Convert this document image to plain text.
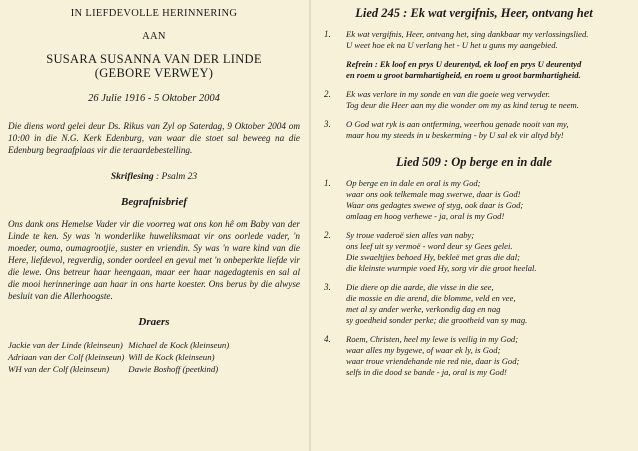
IN LIEFDEVOLLE HERINNERING
AAN
SUSARA SUSANNA VAN DER LINDE
(GEBORE VERWEY)
26 Julie 1916 - 5 Oktober 2004
Die diens word gelei deur Ds. Rikus van Zyl op Saterdag, 9 Oktober 2004 om 10:00 in die N.G. Kerk Edenburg, van waar die stoet sal beweeg na die Edenburg begraafplaas vir die teraardebestelling.
Skriflesing : Psalm 23
Begrafnisbrief
Ons dank ons Hemelse Vader vir die voorreg wat ons kon hê om Baby van der Linde te ken. Sy was 'n wonderlike huweliksmaat vir ons oorlede vader, 'n moeder, ouma, oumagrootjie, suster en vriendin. Sy was 'n ware kind van die Here, liefdevol, regverdig, sonder oordeel en gevul met 'n onbeperkte liefde vir die lewe. Ons betreur haar heengaan, maar eer haar nagedagtenis en sal al die mooi herinneringe aan haar in ons harte koester. Ons berus by die alwyse besluit van die Allerhoogste.
Draers
Jackie van der Linde (kleinseun)	Michael de Kock (kleinseun)
Adriaan van der Colf (kleinseun)	Will de Kock (kleinseun)
WH van der Colf (kleinseun)	Dawie Boshoff (peetkind)
Lied 245 : Ek wat vergifnis, Heer, ontvang het
1.	Ek wat vergifnis, Heer, ontvang het, sing dankbaar my verlossingslied.
U weet hoe ek na U verlang het - U het u guns my aangebied.
Refrein : Ek loof en prys U deurentyd, ek loof en prys U deurentyd
en roem u groot barmhartigheid, en roem u groot barmhartigheid.
2.	Ek was verlore in my sonde en van die goeie weg verwyder.
Tog deur die Heer aan my die wonder om my as kind terug te neem.
3.	O God wat ryk is aan ontferming, weerhou genade nooit van my,
maar hou my steeds in u beskerming - by U sal ek vir altyd bly!
Lied 509 : Op berge en in dale
1.	Op berge en in dale en oral is my God;
waar ons ook telkemale mag swerwe, daar is God!
Waar ons gedagtes swewe of styg, ook daar is God;
omlaag en hoog verhewe - ja, oral is my God!
2.	Sy troue vaderoë sien alles van naby;
ons leef uit sy vermoë - word deur sy Gees gelei.
Die swaeltjies behoed Hy, bekleë met gras die dal;
die kleinste wurmpie voed Hy, sorg vir die groot heelal.
3.	Die diere op die aarde, die visse in die see,
die mossie en die arend, die blomme, veld en vee,
met al sy ander werke, verkondig dag en nag
sy goedheid sonder perke; die grootheid van sy mag.
4.	Roem, Christen, heel my lewe is veilig in my God;
waar alles my bygewe, of waar ek ly, is God;
waar troue vriendehande nie red nie, daar is God;
selfs in die dood se bande - ja, oral is my God!
